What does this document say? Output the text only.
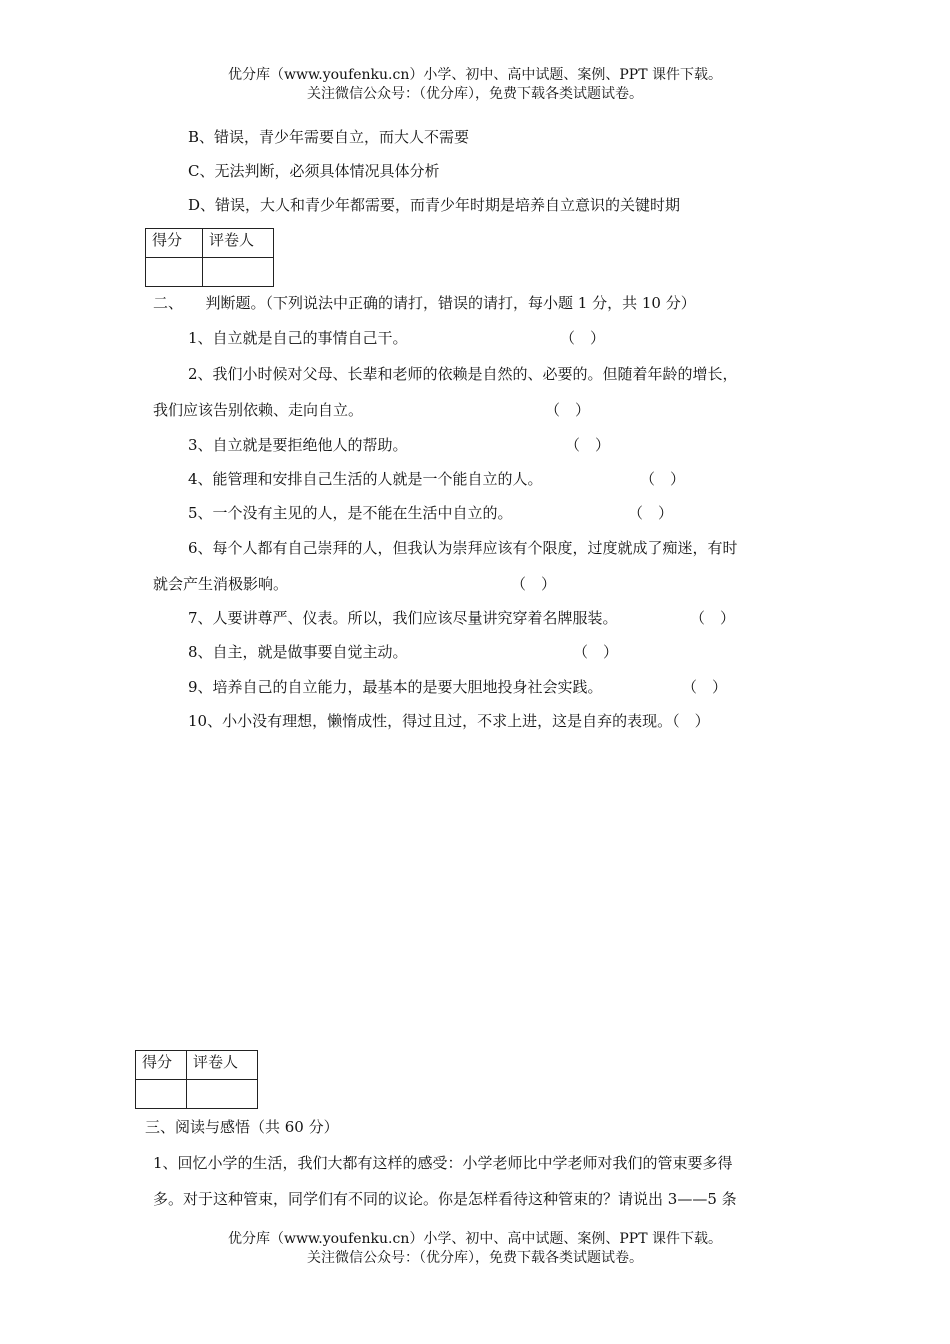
优分库（www.youfenku.cn）小学、初中、高中试题、案例、PPT 课件下载。
关注微信公众号：（优分库），免费下载各类试题试卷。
B、错误，青少年需要自立，而大人不需要
C、无法判断，必须具体情况具体分析
D、错误，大人和青少年都需要，而青少年时期是培养自立意识的关键时期
得分	评卷人

二、　　判断题。（下列说法中正确的请打，错误的请打，每小题 1 分，共 10 分）
1、自立就是自己的事情自己干。	（　）
2、我们小时候对父母、长辈和老师的依赖是自然的、必要的。但随着年龄的增长，
我们应该告别依赖、走向自立。	（　）
3、自立就是要拒绝他人的帮助。	（　）
4、能管理和安排自己生活的人就是一个能自立的人。	（　）
5、一个没有主见的人，是不能在生活中自立的。	（　）
6、每个人都有自己崇拜的人，但我认为崇拜应该有个限度，过度就成了痴迷，有时
就会产生消极影响。	（　）
7、人要讲尊严、仪表。所以，我们应该尽量讲究穿着名牌服装。	（　）
8、自主，就是做事要自觉主动。	（　）
9、培养自己的自立能力，最基本的是要大胆地投身社会实践。	（　）
10、小小没有理想，懒惰成性，得过且过，不求上进，这是自弃的表现。（　）
得分	评卷人

三、阅读与感悟（共 60 分）
1、回忆小学的生活，我们大都有这样的感受：小学老师比中学老师对我们的管束要多得
多。对于这种管束，同学们有不同的议论。你是怎样看待这种管束的？请说出 3——5 条
优分库（www.youfenku.cn）小学、初中、高中试题、案例、PPT 课件下载。
关注微信公众号：（优分库），免费下载各类试题试卷。
